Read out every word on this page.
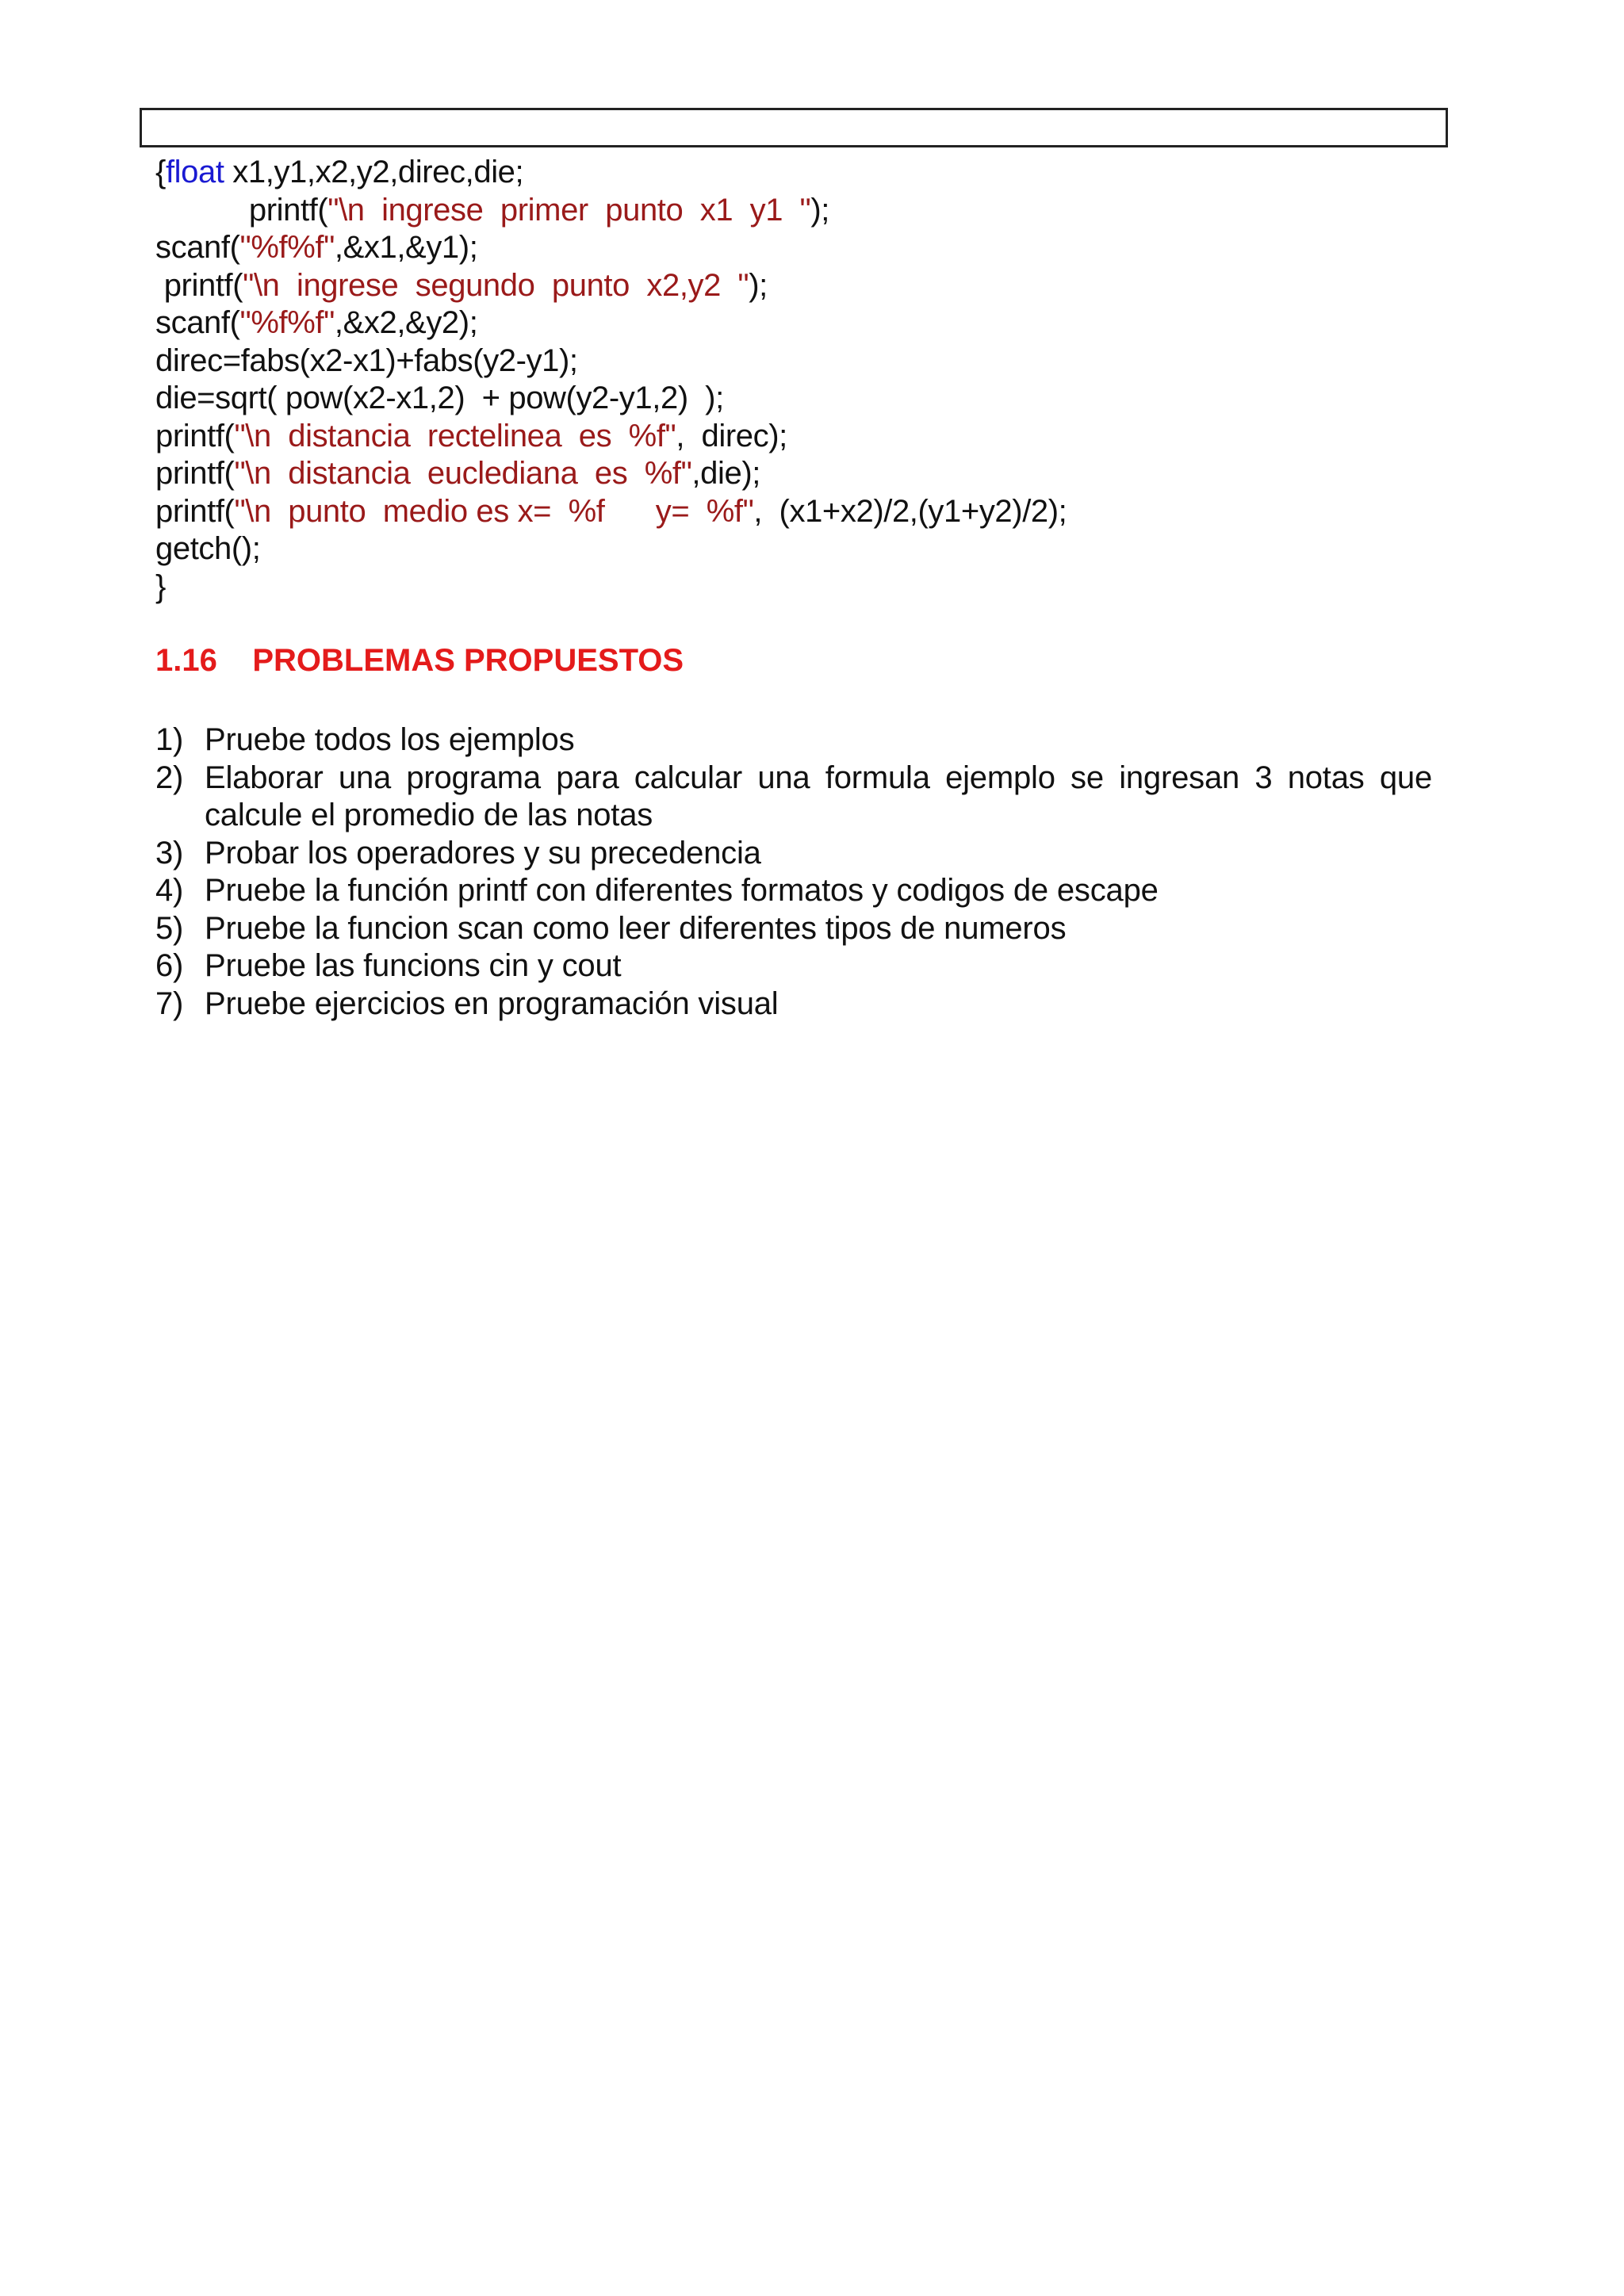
{float x1,y1,x2,y2,direc,die;
printf("\n  ingrese  primer  punto  x1  y1  ");
scanf("%f%f",&x1,&y1);
printf("\n  ingrese  segundo  punto  x2,y2  ");
scanf("%f%f",&x2,&y2);
direc=fabs(x2-x1)+fabs(y2-y1);
die=sqrt( pow(x2-x1,2)  + pow(y2-y1,2)  );
printf("\n  distancia  rectelinea  es  %f",  direc);
printf("\n  distancia  euclediana  es  %f",die);
printf("\n  punto  medio es x=  %f      y=  %f",  (x1+x2)/2,(y1+y2)/2);
getch();
}
1.16 PROBLEMAS PROPUESTOS
1) Pruebe todos los ejemplos
2) Elaborar una programa para calcular una formula ejemplo se ingresan 3 notas que calcule el promedio de las notas
3) Probar los operadores y su precedencia
4) Pruebe la función printf con diferentes formatos y codigos de escape
5) Pruebe la funcion scan como leer diferentes tipos de numeros
6) Pruebe las funcions cin y cout
7) Pruebe ejercicios en programación visual
